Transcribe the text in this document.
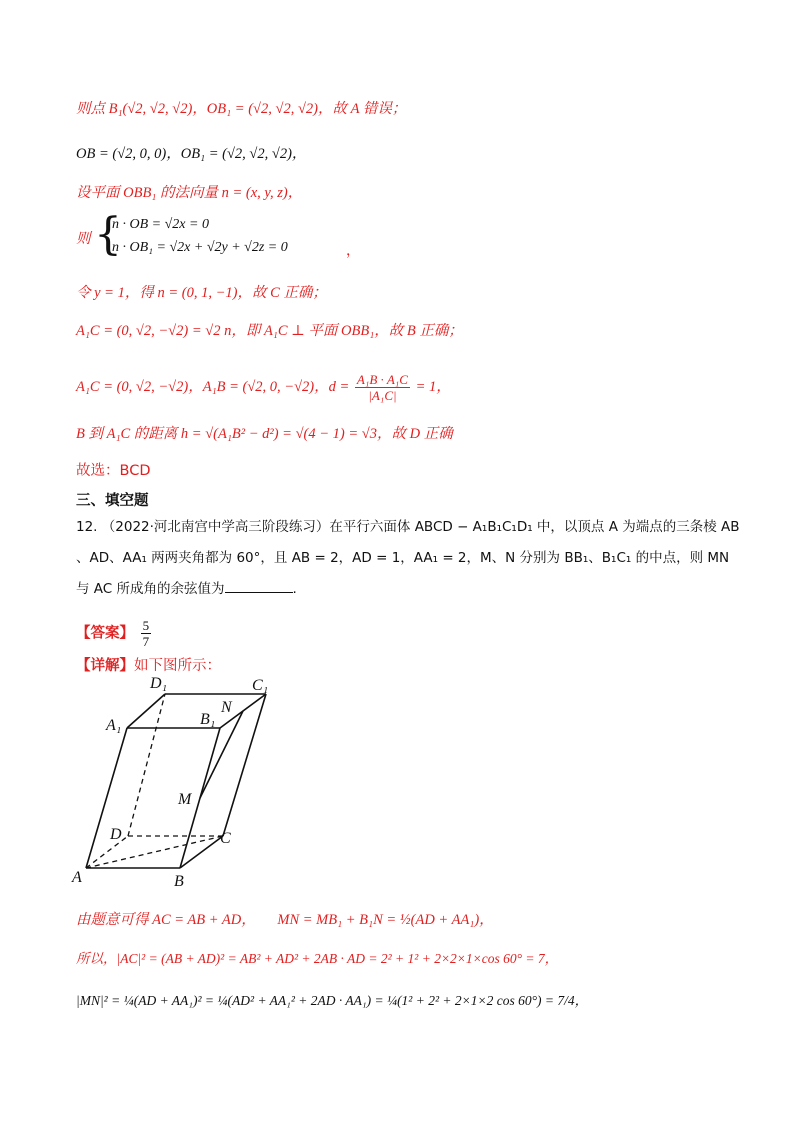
则点 B₁(√2, √2, √2)，OB₁ = (√2, √2, √2)，故 A 错误；
OB = (√2, 0, 0)，OB₁ = (√2, √2, √2)，
设平面 OBB₁ 的法向量 n = (x, y, z)，
则 {
n · OB = √2x = 0
n · OB₁ = √2x + √2y + √2z = 0	，
令 y = 1，得 n = (0, 1, −1)，故 C 正确；
A₁C = (0, √2, −√2) = √2 n，即 A₁C ⊥ 平面 OBB₁，故 B 正确；
A₁C = (0, √2, −√2)，A₁B = (√2, 0, −√2)，$d = \frac{\text{A₁B · A₁C}}{\text{|A₁C|}} = 1$，
B 到 A₁C 的距离 h = √(A₁B² − d²) = √(4 − 1) = √3，故 D 正确
故选：BCD
三、填空题
12. （2022·河北南宫中学高三阶段练习）在平行六面体 ABCD − A₁B₁C₁D₁ 中，以顶点 A 为端点的三条棱 AB
、AD、AA₁ 两两夹角都为 60°，且 AB = 2，AD = 1，AA₁ = 2，M、N 分别为 BB₁、B₁C₁ 的中点，则 MN
与 AC 所成角的余弦值为	.
【答案】 $\frac{5}{7}$
【详解】如下图所示：
A	B
C
D
A₁	B₁
C₁
D₁
M
N
由题意可得 AC = AB + AD， MN = MB₁ + B₁N = ½(AD + AA₁)，
所以，|AC|² = (AB + AD)² = AB² + AD² + 2AB · AD = 2² + 1² + 2×2×1×cos 60° = 7，
|MN|² = ¼(AD + AA₁)² = ¼(AD² + AA₁² + 2AD · AA₁) = ¼(1² + 2² + 2×1×2 cos 60°) = 7/4，
